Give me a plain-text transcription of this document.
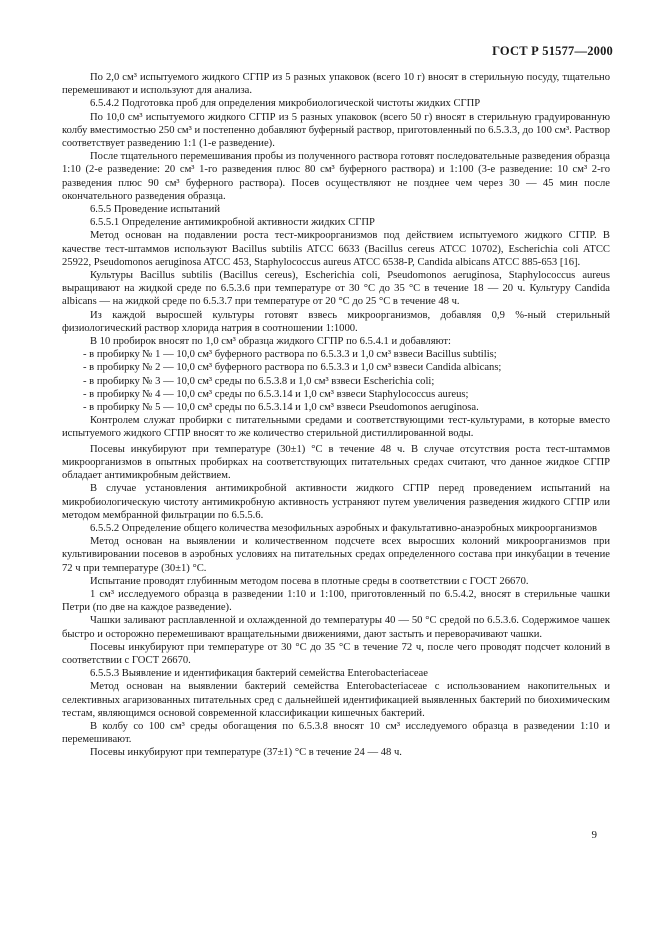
ГОСТ Р 51577—2000

По 2,0 см³ испытуемого жидкого СГПР из 5 разных упаковок (всего 10 г) вносят в стерильную посуду, тщательно перемешивают и используют для анализа.

6.5.4.2 Подготовка проб для определения микробиологической чистоты жидких СГПР

По 10,0 см³ испытуемого жидкого СГПР из 5 разных упаковок (всего 50 г) вносят в стерильную градуированную колбу вместимостью 250 см³ и постепенно добавляют буферный раствор, приготовленный по 6.5.3.3, до 100 см³. Раствор соответствует разведению 1:1 (1-е разведение).

После тщательного перемешивания пробы из полученного раствора готовят последовательные разведения образца 1:10 (2-е разведение: 20 см³ 1-го разведения плюс 80 см³ буферного раствора) и 1:100 (3-е разведение: 10 см³ 2-го разведения плюс 90 см³ буферного раствора). Посев осуществляют не позднее чем через 30 — 45 мин после окончательного разведения образца.

6.5.5 Проведение испытаний

6.5.5.1 Определение антимикробной активности жидких СГПР

Метод основан на подавлении роста тест-микроорганизмов под действием испытуемого жидкого СГПР. В качестве тест-штаммов используют Bacillus subtilis ATCC 6633 (Bacillus cereus ATCC 10702), Escherichia coli ATCC 25922, Pseudomonos aeruginosa ATCC 453, Staphylococcus aureus ATCC 6538-P, Candida albicans ATCC 885-653 [16].

Культуры Bacillus subtilis (Bacillus cereus), Escherichia coli, Pseudomonos aeruginosa, Staphylococcus aureus выращивают на жидкой среде по 6.5.3.6 при температуре от 30 °С до 35 °С в течение 18 — 20 ч. Культуру Candida albicans — на жидкой среде по 6.5.3.7 при температуре от 20 °С до 25 °С в течение 48 ч.

Из каждой выросшей культуры готовят взвесь микроорганизмов, добавляя 0,9 %-ный стерильный физиологический раствор хлорида натрия в соотношении 1:1000.

В 10 пробирок вносят по 1,0 см³ образца жидкого СГПР по 6.5.4.1 и добавляют:

- в пробирку № 1 — 10,0 см³ буферного раствора по 6.5.3.3 и 1,0 см³ взвеси Bacillus subtilis;
- в пробирку № 2 — 10,0 см³ буферного раствора по 6.5.3.3 и 1,0 см³ взвеси Candida albicans;
- в пробирку № 3 — 10,0 см³ среды по 6.5.3.8 и 1,0 см³ взвеси Escherichia coli;
- в пробирку № 4 — 10,0 см³ среды по 6.5.3.14 и 1,0 см³ взвеси Staphylococcus aureus;
- в пробирку № 5 — 10,0 см³ среды по 6.5.3.14 и 1,0 см³ взвеси Pseudomonos aeruginosa.

Контролем служат пробирки с питательными средами и соответствующими тест-культурами, в которые вместо испытуемого жидкого СГПР вносят то же количество стерильной дистиллированной воды.

Посевы инкубируют при температуре (30±1) °С в течение 48 ч. В случае отсутствия роста тест-штаммов микроорганизмов в опытных пробирках на соответствующих питательных средах считают, что данное жидкое СГПР обладает антимикробным действием.

В случае установления антимикробной активности жидкого СГПР перед проведением испытаний на микробиологическую чистоту антимикробную активность устраняют путем увеличения разведения жидкого СГПР или методом мембранной фильтрации по 6.5.5.6.

6.5.5.2 Определение общего количества мезофильных аэробных и факультативно-анаэробных микроорганизмов

Метод основан на выявлении и количественном подсчете всех выросших колоний микроорганизмов при культивировании посевов в аэробных условиях на питательных средах определенного состава при инкубации в течение 72 ч при температуре (30±1) °С.

Испытание проводят глубинным методом посева в плотные среды в соответствии с ГОСТ 26670.

1 см³ исследуемого образца в разведении 1:10 и 1:100, приготовленный по 6.5.4.2, вносят в стерильные чашки Петри (по две на каждое разведение).

Чашки заливают расплавленной и охлажденной до температуры 40 — 50 °С средой по 6.5.3.6. Содержимое чашек быстро и осторожно перемешивают вращательными движениями, дают застыть и переворачивают чашки.

Посевы инкубируют при температуре от 30 °С до 35 °С в течение 72 ч, после чего проводят подсчет колоний в соответствии с ГОСТ 26670.

6.5.5.3 Выявление и идентификация бактерий семейства Enterobacteriaceae

Метод основан на выявлении бактерий семейства Enterobacteriaceae с использованием накопительных и селективных агаризованных питательных сред с дальнейшей идентификацией выявленных бактерий по биохимическим тестам, являющимся основой современной классификации кишечных бактерий.

В колбу со 100 см³ среды обогащения по 6.5.3.8 вносят 10 см³ исследуемого образца в разведении 1:10 и перемешивают.

Посевы инкубируют при температуре (37±1) °С в течение 24 — 48 ч.

9
